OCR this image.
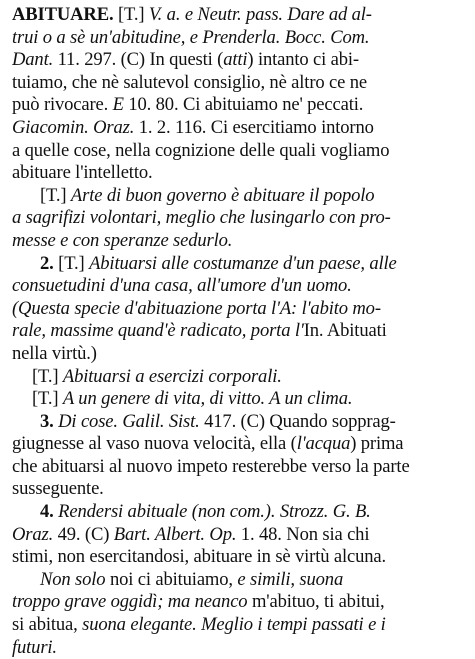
ABITUARE. [T.] V. a. e Neutr. pass. Dare ad al-
trui o a sè un'abitudine, e Prenderla. Bocc. Com.
Dant. 11. 297. (C) In questi (atti) intanto ci abi-
tuiamo, che nè salutevol consiglio, nè altro ce ne
può rivocare. E 10. 80. Ci abituiamo ne' peccati.
Giacomin. Oraz. 1. 2. 116. Ci esercitiamo intorno
a quelle cose, nella cognizione delle quali vogliamo
abituare l'intelletto.
[T.] Arte di buon governo è abituare il popolo
a sagrifizi volontari, meglio che lusingarlo con pro-
messe e con speranze sedurlo.
2. [T.] Abituarsi alle costumanze d'un paese, alle
consuetudini d'una casa, all'umore d'un uomo.
(Questa specie d'abituazione porta l'A: l'abito mo-
rale, massime quand'è radicato, porta l'In. Abituati
nella virtù.)
[T.] Abituarsi a esercizi corporali.
[T.] A un genere di vita, di vitto. A un clima.
3. Di cose. Galil. Sist. 417. (C) Quando sopprag-
giugnesse al vaso nuova velocità, ella (l'acqua) prima
che abituarsi al nuovo impeto resterebbe verso la parte
susseguente.
4. Rendersi abituale (non com.). Strozz. G. B.
Oraz. 49. (C) Bart. Albert. Op. 1. 48. Non sia chi
stimi, non esercitandosi, abituare in sè virtù alcuna.
Non solo noi ci abituiamo, e simili, suona
troppo grave oggidì; ma neanco m'abituo, ti abitui,
si abitua, suona elegante. Meglio i tempi passati e i
futuri.
